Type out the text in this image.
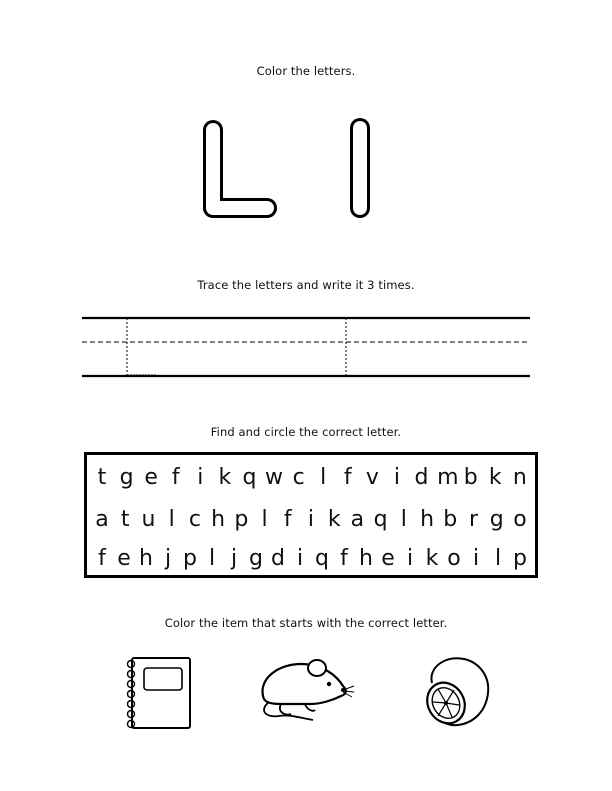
Color the letters.
Trace the letters and write it 3 times.
Find and circle the correct letter.
t g e f i k q w c l f v i d m b k n
a t u l c h p l f i k a q l h b r g o
f e h j p l j g d i q f h e i k o i l p
Color the item that starts with the correct letter.
